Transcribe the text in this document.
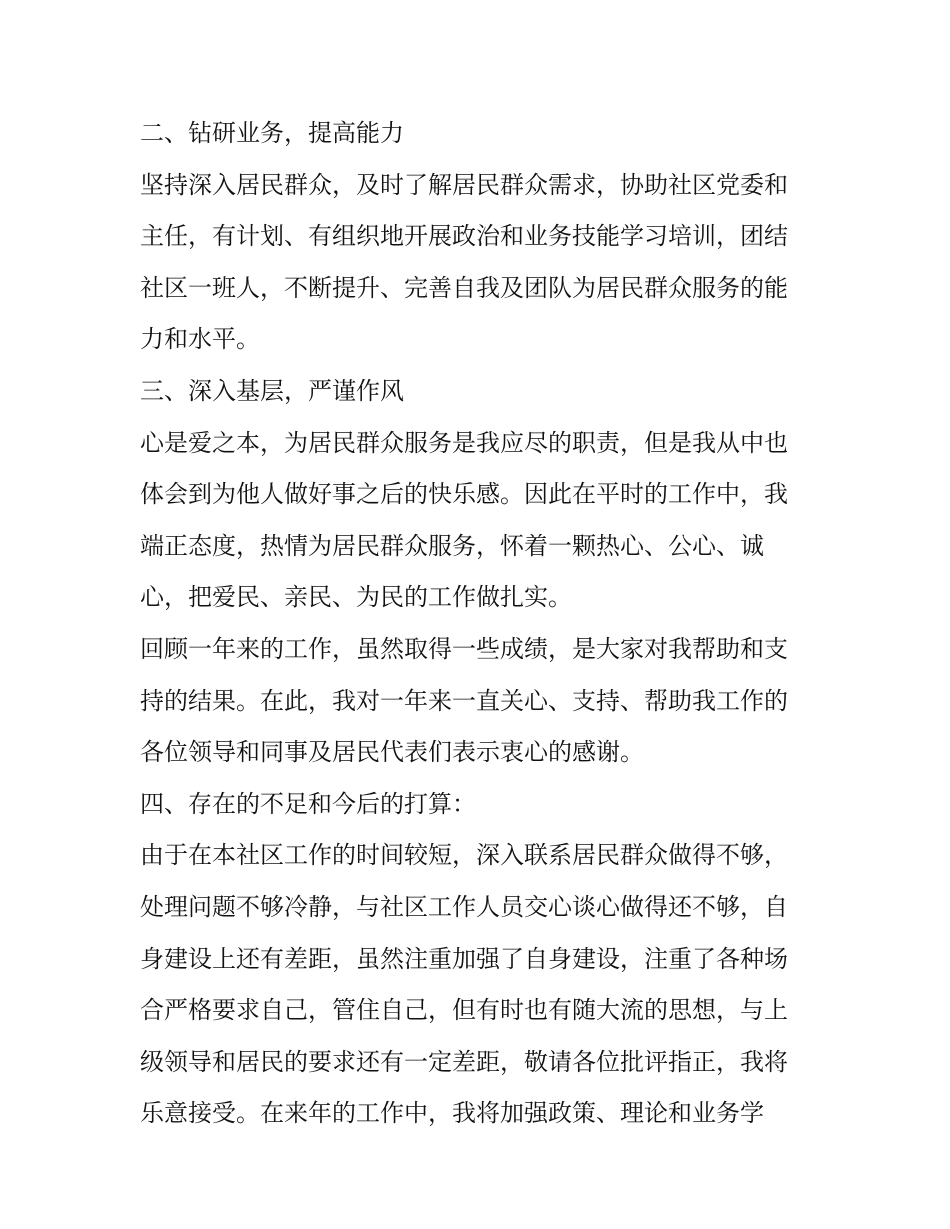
二、钻研业务，提高能力
坚持深入居民群众，及时了解居民群众需求，协助社区党委和
主任，有计划、有组织地开展政治和业务技能学习培训，团结
社区一班人，不断提升、完善自我及团队为居民群众服务的能
力和水平。
三、深入基层，严谨作风
心是爱之本，为居民群众服务是我应尽的职责，但是我从中也
体会到为他人做好事之后的快乐感。因此在平时的工作中，我
端正态度，热情为居民群众服务，怀着一颗热心、公心、诚
心，把爱民、亲民、为民的工作做扎实。
回顾一年来的工作，虽然取得一些成绩，是大家对我帮助和支
持的结果。在此，我对一年来一直关心、支持、帮助我工作的
各位领导和同事及居民代表们表示衷心的感谢。
四、存在的不足和今后的打算：
由于在本社区工作的时间较短，深入联系居民群众做得不够，
处理问题不够冷静，与社区工作人员交心谈心做得还不够，自
身建设上还有差距，虽然注重加强了自身建设，注重了各种场
合严格要求自己，管住自己，但有时也有随大流的思想，与上
级领导和居民的要求还有一定差距，敬请各位批评指正，我将
乐意接受。在来年的工作中，我将加强政策、理论和业务学
